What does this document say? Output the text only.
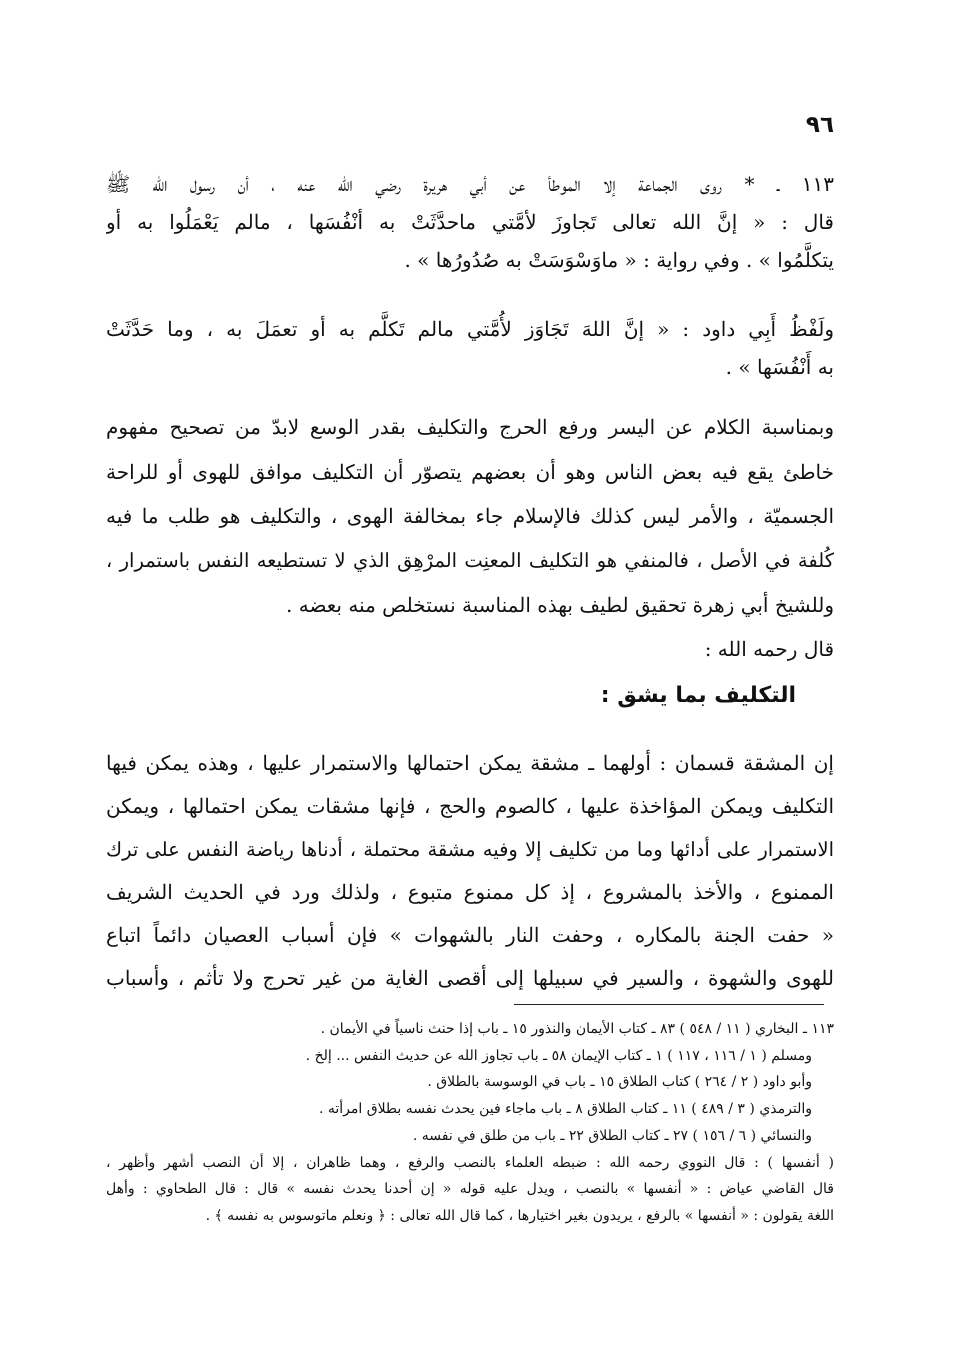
٩٦
١١٣ ـ * روى الجماعة إلا الموطأ عن أبي هريرة رضي الله عنه ، أن رسول الله ﷺ
قال : « إنَّ الله تعالى تَجاوزَ لأمَّتي ماحدَّثَتْ به أنْفُسَها ، مالم يَعْمَلُوا به أو
يتكلَّمُوا » . وفي رواية : « ماوَسْوَسَتْ به صُدُورُها » .
ولَفْظُ أَبِي داود : « إنَّ اللهَ تَجَاوَز لأُمَّتي مالم تَكلَّم به أو تعمَلَ به ، وما حَدَّثَتْ
به أَنْفُسَها » .
وبمناسبة الكلام عن اليسر ورفع الحرج والتكليف بقدر الوسع لابدّ من تصحيح مفهوم
خاطئ يقع فيه بعض الناس وهو أن بعضهم يتصوّر أن التكليف موافق للهوى أو للراحة
الجسميّة ، والأمر ليس كذلك فالإسلام جاء بمخالفة الهوى ، والتكليف هو طلب ما فيه
كُلفة في الأصل ، فالمنفي هو التكليف المعنِت المرْهِق الذي لا تستطيعه النفس باستمرار ،
وللشيخ أبي زهرة تحقيق لطيف بهذه المناسبة نستخلص منه بعضه .
قال رحمه الله :
التكليف بما يشق :
إن المشقة قسمان : أولهما ـ مشقة يمكن احتمالها والاستمرار عليها ، وهذه يمكن فيها
التكليف ويمكن المؤاخذة عليها ، كالصوم والحج ، فإنها مشقات يمكن احتمالها ، ويمكن
الاستمرار على أدائها وما من تكليف إلا وفيه مشقة محتملة ، أدناها رياضة النفس على ترك
الممنوع ، والأخذ بالمشروع ، إذ كل ممنوع متبوع ، ولذلك ورد في الحديث الشريف
« حفت الجنة بالمكاره ، وحفت النار بالشهوات » فإن أسباب العصيان دائماً اتباع
للهوى والشهوة ، والسير في سبيلها إلى أقصى الغاية من غير تحرج ولا تأثم ، وأسباب
١١٣ ـ البخاري ( ١١ / ٥٤٨ ) ٨٣ ـ كتاب الأيمان والنذور ١٥ ـ باب إذا حنث ناسياً في الأيمان .
ومسلم ( ١ / ١١٦ ، ١١٧ ) ١ ـ كتاب الإيمان ٥٨ ـ باب تجاوز الله عن حديث النفس ... إلخ .
وأبو داود ( ٢ / ٢٦٤ ) كتاب الطلاق ١٥ ـ باب في الوسوسة بالطلاق .
والترمذي ( ٣ / ٤٨٩ ) ١١ ـ كتاب الطلاق ٨ ـ باب ماجاء فين يحدث نفسه بطلاق امرأته .
والنسائي ( ٦ / ١٥٦ ) ٢٧ ـ كتاب الطلاق ٢٢ ـ باب من طلق في نفسه .
( أنفسها ) : قال النووي رحمه الله : ضبطه العلماء بالنصب والرفع ، وهما ظاهران ، إلا أن النصب أشهر وأظهر ،
قال القاضي عياض : « أنفسها » بالنصب ، ويدل عليه قوله « إن أحدنا يحدث نفسه » قال : قال الطحاوي : وأهل
اللغة يقولون : « أنفسها » بالرفع ، يريدون بغير اختيارها ، كما قال الله تعالى : ﴿ ونعلم ماتوسوس به نفسه ﴾ .
